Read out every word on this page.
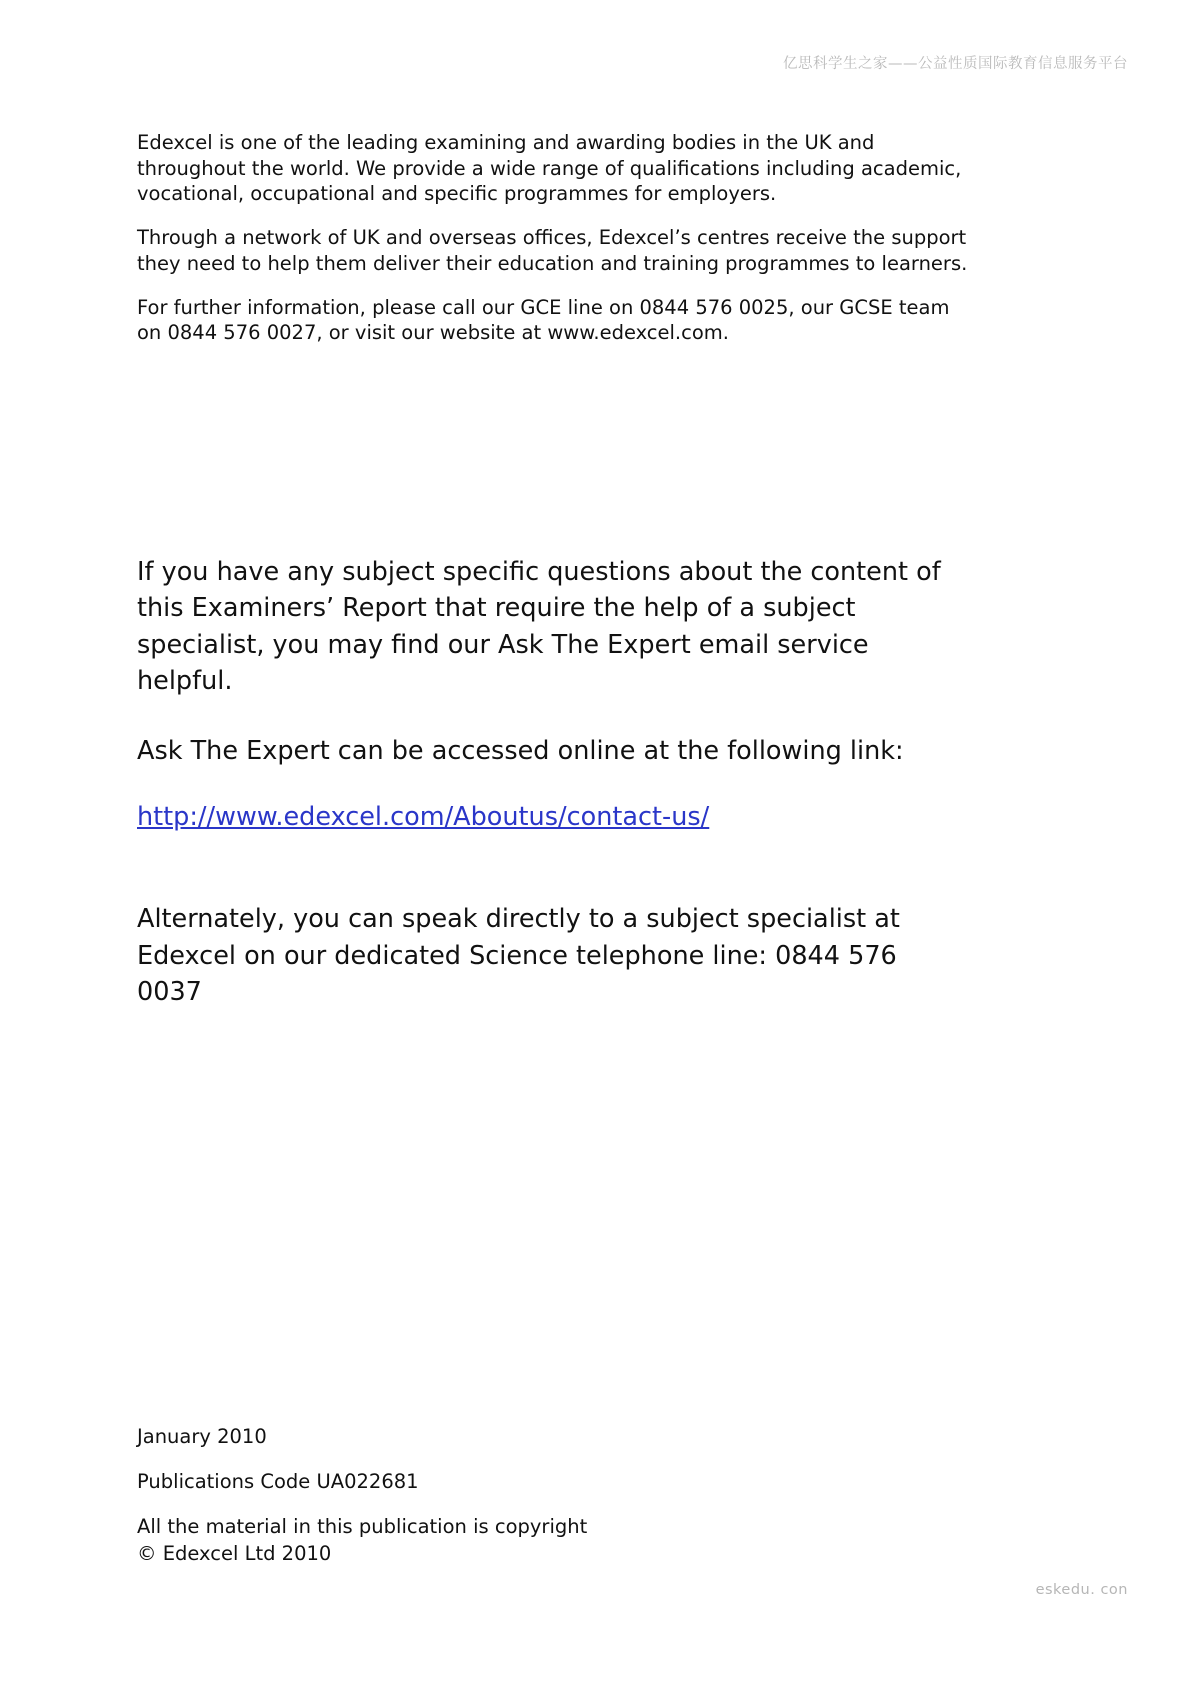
亿思科学生之家——公益性质国际教育信息服务平台

Edexcel is one of the leading examining and awarding bodies in the UK and throughout the world. We provide a wide range of qualifications including academic, vocational, occupational and specific programmes for employers.

Through a network of UK and overseas offices, Edexcel’s centres receive the support they need to help them deliver their education and training programmes to learners.

For further information, please call our GCE line on 0844 576 0025, our GCSE team on 0844 576 0027, or visit our website at www.edexcel.com.

If you have any subject specific questions about the content of this Examiners’ Report that require the help of a subject specialist, you may find our Ask The Expert email service helpful.

Ask The Expert can be accessed online at the following link:

http://www.edexcel.com/Aboutus/contact-us/

Alternately, you can speak directly to a subject specialist at Edexcel on our dedicated Science telephone line: 0844 576 0037

January 2010
Publications Code UA022681
All the material in this publication is copyright
© Edexcel Ltd 2010
eskedu. con
